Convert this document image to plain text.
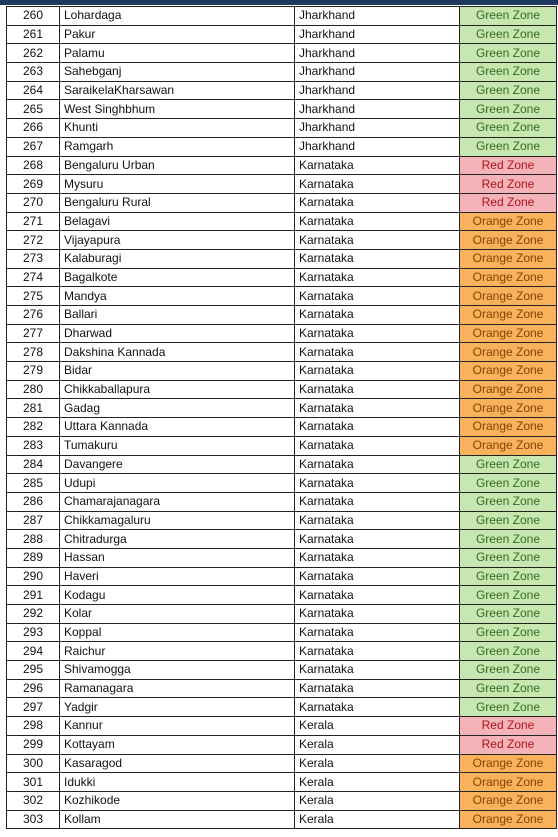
260	Lohardaga	Jharkhand	Green Zone
261	Pakur	Jharkhand	Green Zone
262	Palamu	Jharkhand	Green Zone
263	Sahebganj	Jharkhand	Green Zone
264	SaraikelaKharsawan	Jharkhand	Green Zone
265	West Singhbhum	Jharkhand	Green Zone
266	Khunti	Jharkhand	Green Zone
267	Ramgarh	Jharkhand	Green Zone
268	Bengaluru Urban	Karnataka	Red Zone
269	Mysuru	Karnataka	Red Zone
270	Bengaluru Rural	Karnataka	Red Zone
271	Belagavi	Karnataka	Orange Zone
272	Vijayapura	Karnataka	Orange Zone
273	Kalaburagi	Karnataka	Orange Zone
274	Bagalkote	Karnataka	Orange Zone
275	Mandya	Karnataka	Orange Zone
276	Ballari	Karnataka	Orange Zone
277	Dharwad	Karnataka	Orange Zone
278	Dakshina Kannada	Karnataka	Orange Zone
279	Bidar	Karnataka	Orange Zone
280	Chikkaballapura	Karnataka	Orange Zone
281	Gadag	Karnataka	Orange Zone
282	Uttara Kannada	Karnataka	Orange Zone
283	Tumakuru	Karnataka	Orange Zone
284	Davangere	Karnataka	Green Zone
285	Udupi	Karnataka	Green Zone
286	Chamarajanagara	Karnataka	Green Zone
287	Chikkamagaluru	Karnataka	Green Zone
288	Chitradurga	Karnataka	Green Zone
289	Hassan	Karnataka	Green Zone
290	Haveri	Karnataka	Green Zone
291	Kodagu	Karnataka	Green Zone
292	Kolar	Karnataka	Green Zone
293	Koppal	Karnataka	Green Zone
294	Raichur	Karnataka	Green Zone
295	Shivamogga	Karnataka	Green Zone
296	Ramanagara	Karnataka	Green Zone
297	Yadgir	Karnataka	Green Zone
298	Kannur	Kerala	Red Zone
299	Kottayam	Kerala	Red Zone
300	Kasaragod	Kerala	Orange Zone
301	Idukki	Kerala	Orange Zone
302	Kozhikode	Kerala	Orange Zone
303	Kollam	Kerala	Orange Zone
